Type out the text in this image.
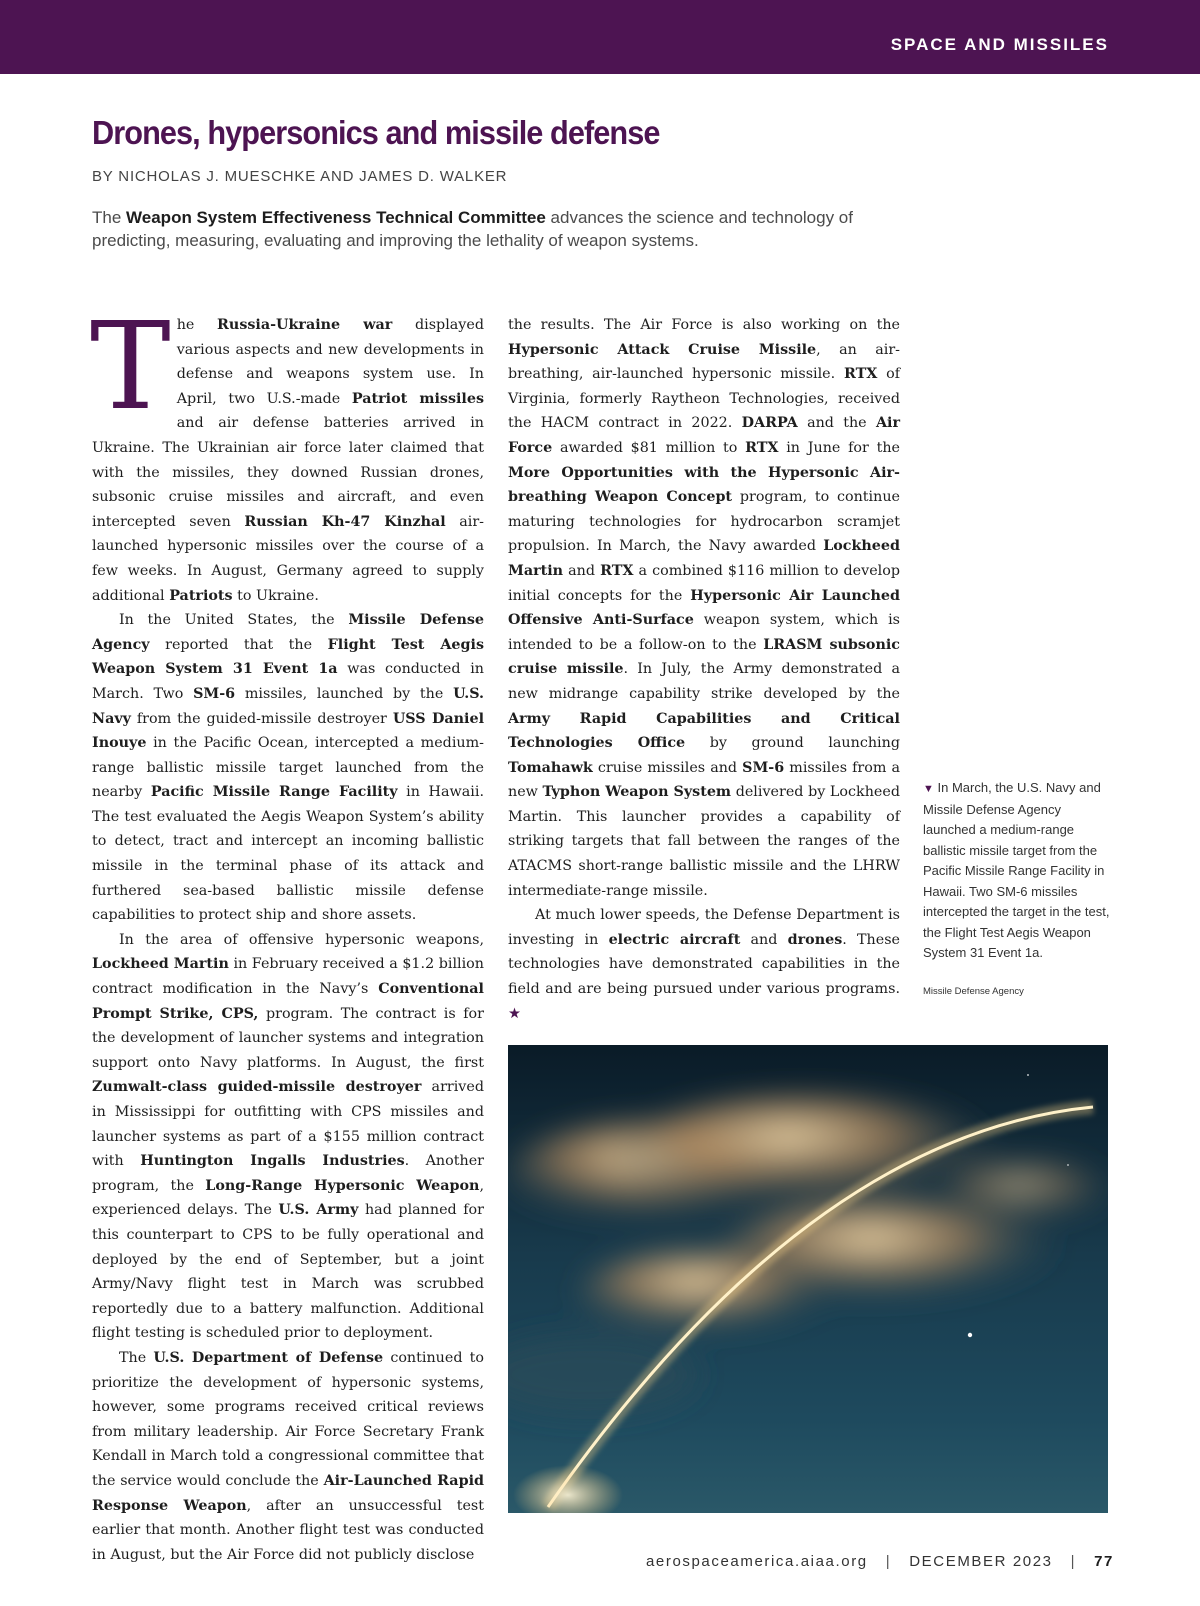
SPACE AND MISSILES
Drones, hypersonics and missile defense
BY NICHOLAS J. MUESCHKE AND JAMES D. WALKER

The Weapon System Effectiveness Technical Committee advances the science and technology of predicting, measuring, evaluating and improving the lethality of weapon systems.

The Russia-Ukraine war displayed various aspects and new developments in defense and weapons system use. In April, two U.S.-made Patriot missiles and air defense batteries arrived in Ukraine. The Ukrainian air force later claimed that with the missiles, they downed Russian drones, subsonic cruise missiles and aircraft, and even intercepted seven Russian Kh-47 Kinzhal air-launched hypersonic missiles over the course of a few weeks. In August, Germany agreed to supply additional Patriots to Ukraine.

In the United States, the Missile Defense Agency reported that the Flight Test Aegis Weapon System 31 Event 1a was conducted in March. Two SM-6 missiles, launched by the U.S. Navy from the guided-missile destroyer USS Daniel Inouye in the Pacific Ocean, intercepted a medium-range ballistic missile target launched from the nearby Pacific Missile Range Facility in Hawaii. The test evaluated the Aegis Weapon System’s ability to detect, tract and intercept an incoming ballistic missile in the terminal phase of its attack and furthered sea-based ballistic missile defense capabilities to protect ship and shore assets.

In the area of offensive hypersonic weapons, Lockheed Martin in February received a $1.2 billion contract modification in the Navy’s Conventional Prompt Strike, CPS, program. The contract is for the development of launcher systems and integration support onto Navy platforms. In August, the first Zumwalt-class guided-missile destroyer arrived in Mississippi for outfitting with CPS missiles and launcher systems as part of a $155 million contract with Huntington Ingalls Industries. Another program, the Long-Range Hypersonic Weapon, experienced delays. The U.S. Army had planned for this counterpart to CPS to be fully operational and deployed by the end of September, but a joint Army/Navy flight test in March was scrubbed reportedly due to a battery malfunction. Additional flight testing is scheduled prior to deployment.

The U.S. Department of Defense continued to prioritize the development of hypersonic systems, however, some programs received critical reviews from military leadership. Air Force Secretary Frank Kendall in March told a congressional committee that the service would conclude the Air-Launched Rapid Response Weapon, after an unsuccessful test earlier that month. Another flight test was conducted in August, but the Air Force did not publicly disclose

the results. The Air Force is also working on the Hypersonic Attack Cruise Missile, an air-breathing, air-launched hypersonic missile. RTX of Virginia, formerly Raytheon Technologies, received the HACM contract in 2022. DARPA and the Air Force awarded $81 million to RTX in June for the More Opportunities with the Hypersonic Air-breathing Weapon Concept program, to continue maturing technologies for hydrocarbon scramjet propulsion. In March, the Navy awarded Lockheed Martin and RTX a combined $116 million to develop initial concepts for the Hypersonic Air Launched Offensive Anti-Surface weapon system, which is intended to be a follow-on to the LRASM subsonic cruise missile. In July, the Army demonstrated a new midrange capability strike developed by the Army Rapid Capabilities and Critical Technologies Office by ground launching Tomahawk cruise missiles and SM-6 missiles from a new Typhon Weapon System delivered by Lockheed Martin. This launcher provides a capability of striking targets that fall between the ranges of the ATACMS short-range ballistic missile and the LHRW intermediate-range missile.

At much lower speeds, the Defense Department is investing in electric aircraft and drones. These technologies have demonstrated capabilities in the field and are being pursued under various programs. ★

▼ In March, the U.S. Navy and Missile Defense Agency launched a medium-range ballistic missile target from the Pacific Missile Range Facility in Hawaii. Two SM-6 missiles intercepted the target in the test, the Flight Test Aegis Weapon System 31 Event 1a.
Missile Defense Agency
aerospaceamerica.aiaa.org | DECEMBER 2023 | 77
